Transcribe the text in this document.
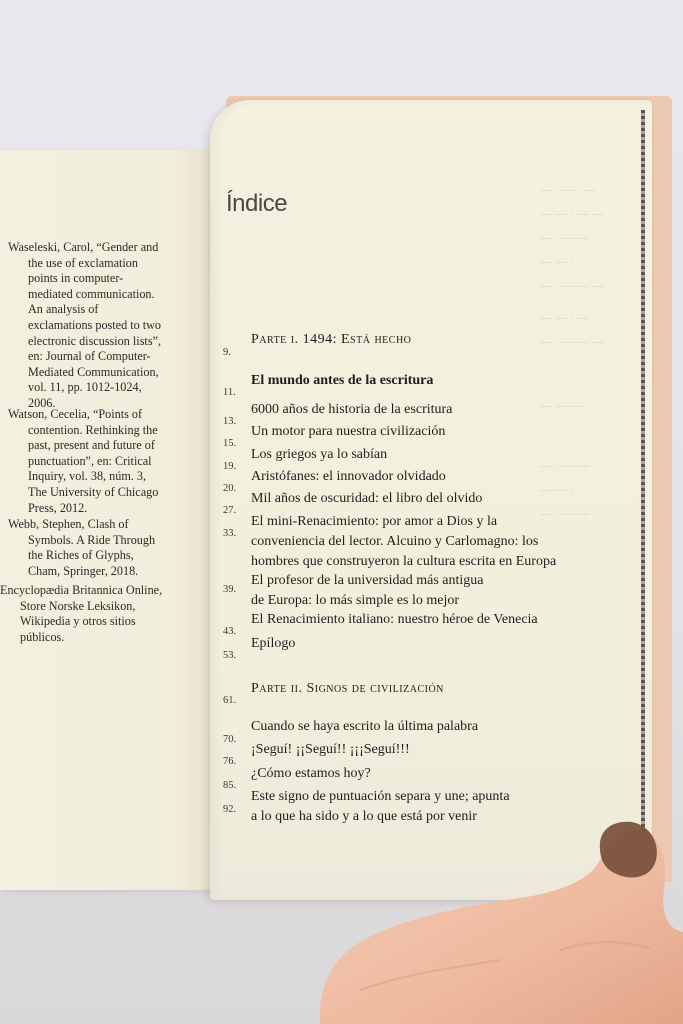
Waseleski, Carol, “Gender and
the use of exclamation
points in computer-
mediated communication.
An analysis of
exclamations posted to two
electronic discussion lists”,
en: Journal of Computer-
Mediated Communication,
vol. 11, pp. 1012-1024,
2006.
Watson, Cecelia, “Points of
contention. Rethinking the
past, present and future of
punctuation”, en: Critical
Inquiry, vol. 38, núm. 3,
The University of Chicago
Press, 2012.
Webb, Stephen, Clash of
Symbols. A Ride Through
the Riches of Glyphs,
Cham, Springer, 2018.
Encyclopædia Britannica Online,
Store Norske Leksikon,
Wikipedia y otros sitios
públicos.
— · — · —
— — · — —
— · — — ·
— — ·
— · — — — ·
— — · —
— · — — —
— — — ·
— · — —
— — ·
— · — — ·
Índice
9.
Parte i. 1494: Está hecho
11.
El mundo antes de la escritura
13.
6000 años de historia de la escritura
15.
Un motor para nuestra civilización
19.
Los griegos ya lo sabían
20.
Aristófanes: el innovador olvidado
27.
Mil años de oscuridad: el libro del olvido
33.
El mini-Renacimiento: por amor a Dios y la
conveniencia del lector. Alcuino y Carlomagno: los
hombres que construyeron la cultura escrita en Europa
39.
El profesor de la universidad más antigua
de Europa: lo más simple es lo mejor
43.
El Renacimiento italiano: nuestro héroe de Venecia
53.
Epílogo
61.
Parte ii. Signos de civilización
70.
Cuando se haya escrito la última palabra
76.
¡Seguí! ¡¡Seguí!! ¡¡¡Seguí!!!
85.
¿Cómo estamos hoy?
92.
Este signo de puntuación separa y une; apunta
a lo que ha sido y a lo que está por venir
